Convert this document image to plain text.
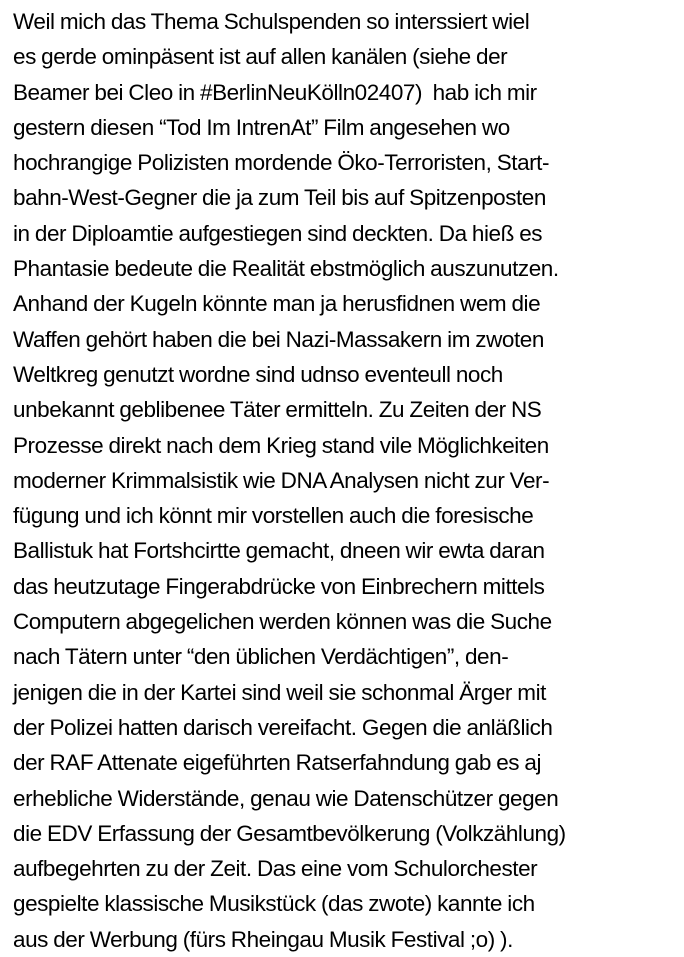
Weil mich das Thema Schulspenden so interssiert wiel
es gerde ominpäsent ist auf allen kanälen (siehe der
Beamer bei Cleo in #BerlinNeuKölln02407)  hab ich mir
gestern diesen “Tod Im IntrenAt” Film angesehen wo
hochrangige Polizisten mordende Öko-Terroristen, Start-
bahn-West-Gegner die ja zum Teil bis auf Spitzenposten
in der Diploamtie aufgestiegen sind deckten. Da hieß es
Phantasie bedeute die Realität ebstmöglich auszunutzen.
Anhand der Kugeln könnte man ja herusfidnen wem die
Waffen gehört haben die bei Nazi-Massakern im zwoten
Weltkreg genutzt wordne sind udnso eventeull noch
unbekannt geblibenee Täter ermitteln. Zu Zeiten der NS
Prozesse direkt nach dem Krieg stand vile Möglichkeiten
moderner Krimmalsistik wie DNA Analysen nicht zur Ver-
fügung und ich könnt mir vorstellen auch die foresische
Ballistuk hat Fortshcirtte gemacht, dneen wir ewta daran
das heutzutage Fingerabdrücke von Einbrechern mittels
Computern abgegelichen werden können was die Suche
nach Tätern unter “den üblichen Verdächtigen”, den-
jenigen die in der Kartei sind weil sie schonmal Ärger mit
der Polizei hatten darisch vereifacht. Gegen die anläßlich
der RAF Attenate eigeführten Ratserfahndung gab es aj
erhebliche Widerstände, genau wie Datenschützer gegen
die EDV Erfassung der Gesamtbevölkerung (Volkzählung)
aufbegehrten zu der Zeit. Das eine vom Schulorchester
gespielte klassische Musikstück (das zwote) kannte ich
aus der Werbung (fürs Rheingau Musik Festival ;o) ).
